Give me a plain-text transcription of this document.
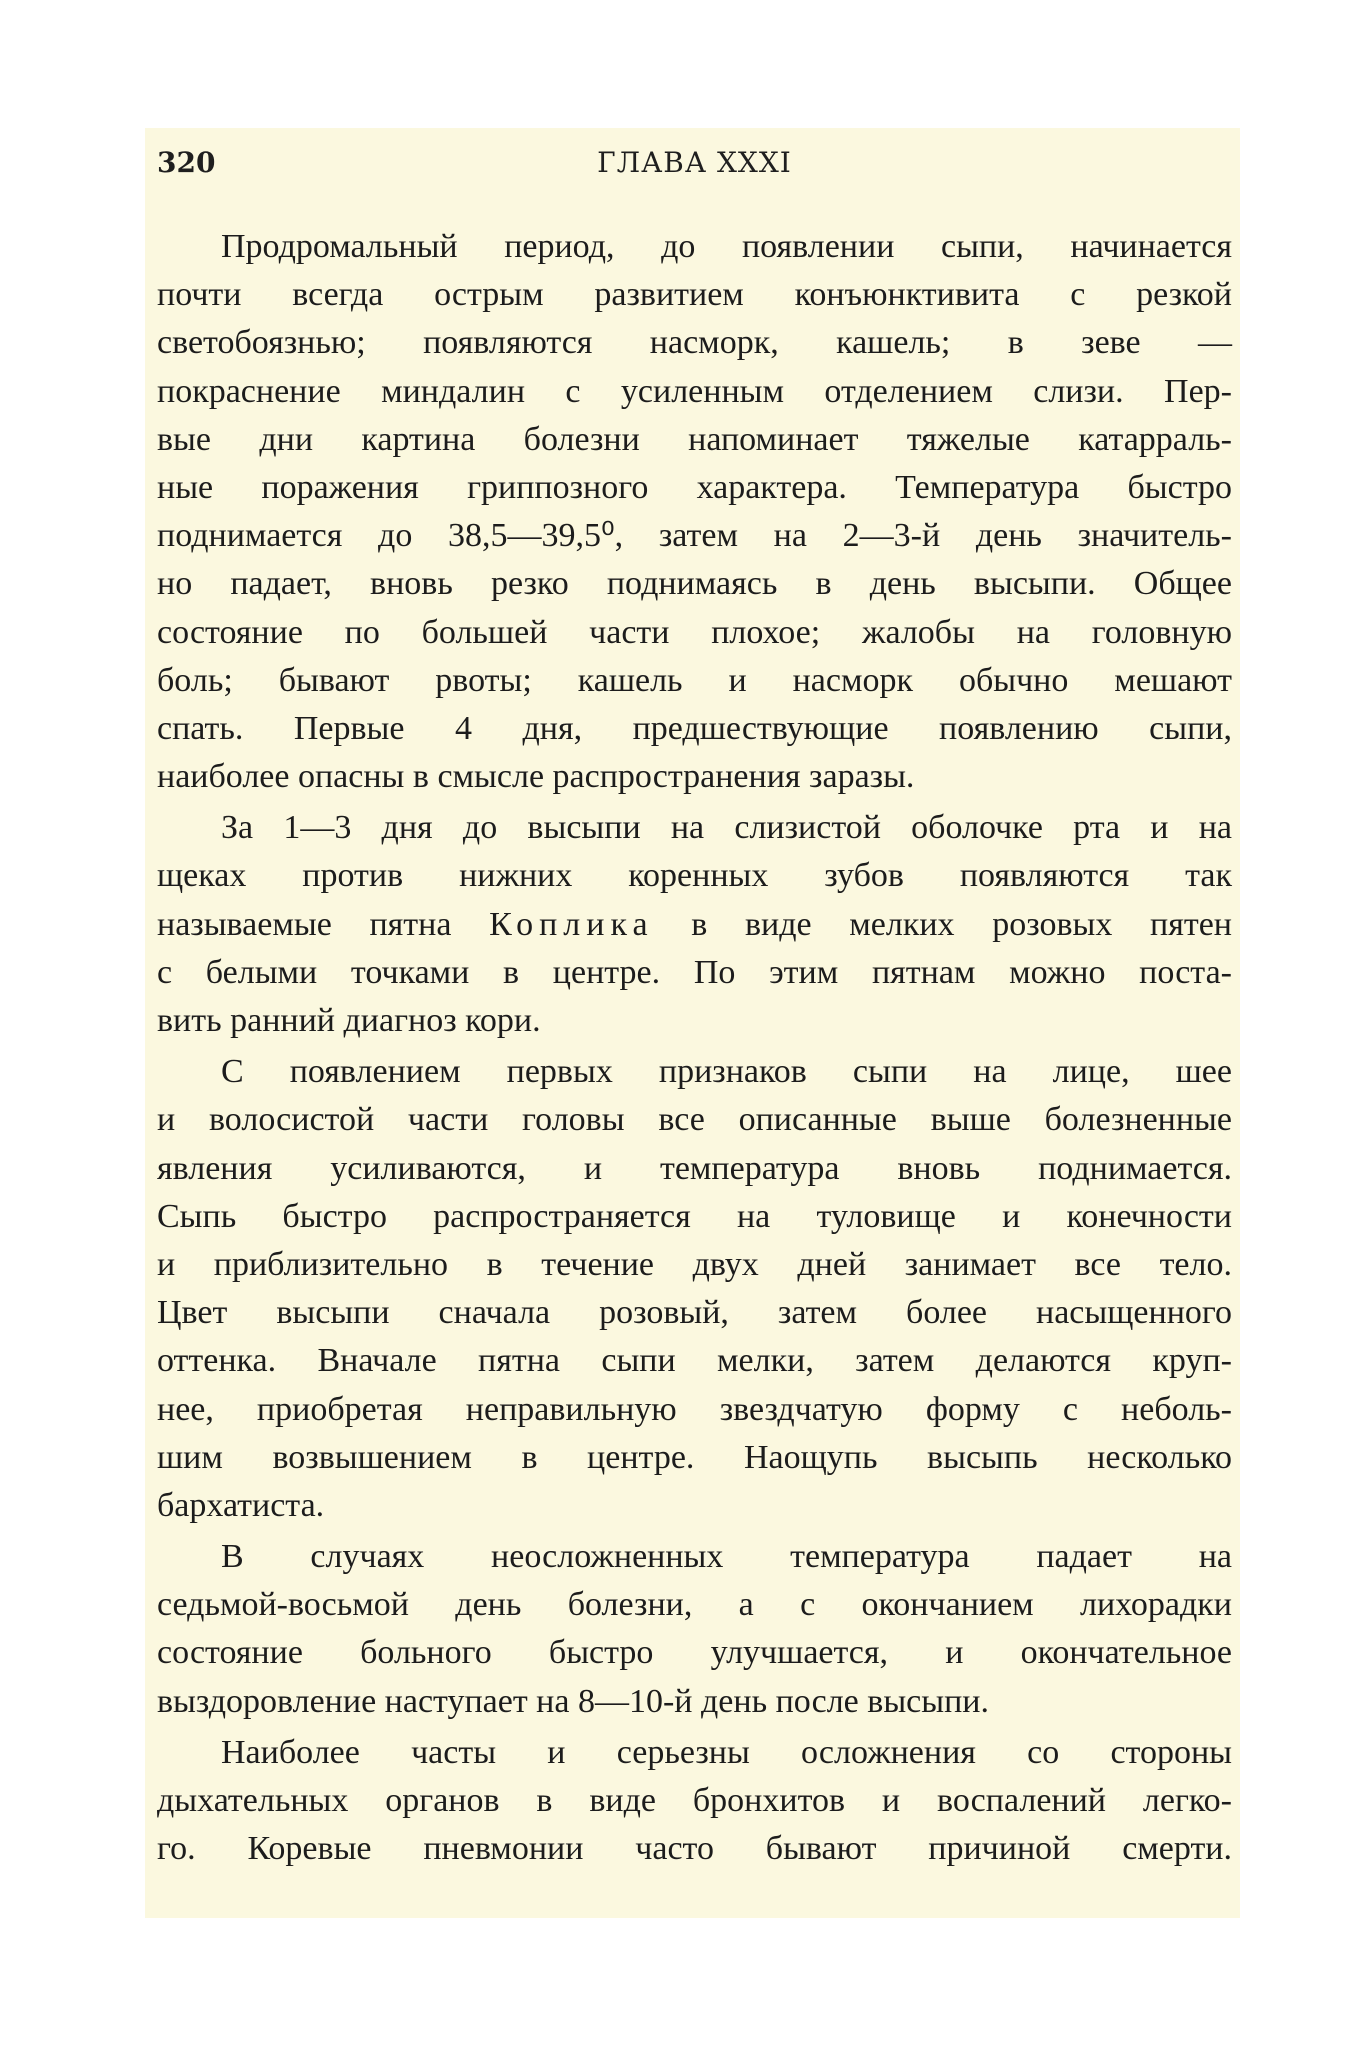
320	ГЛАВА XXXI
Продромальный период, до появлении сыпи, начинается
почти всегда острым развитием конъюнктивита с резкой
светобоязнью; появляются насморк, кашель; в зеве —
покраснение миндалин с усиленным отделением слизи. Пер-
вые дни картина болезни напоминает тяжелые катарраль-
ные поражения гриппозного характера. Температура быстро
поднимается до 38,5—39,5⁰, затем на 2—3-й день значитель-
но падает, вновь резко поднимаясь в день высыпи. Общее
состояние по большей части плохое; жалобы на головную
боль; бывают рвоты; кашель и насморк обычно мешают
спать. Первые 4 дня, предшествующие появлению сыпи,
наиболее опасны в смысле распространения заразы.
За 1—3 дня до высыпи на слизистой оболочке рта и на
щеках против нижних коренных зубов появляются так
называемые пятна Коплика в виде мелких розовых пятен
с белыми точками в центре. По этим пятнам можно поста-
вить ранний диагноз кори.
С появлением первых признаков сыпи на лице, шее
и волосистой части головы все описанные выше болезненные
явления усиливаются, и температура вновь поднимается.
Сыпь быстро распространяется на туловище и конечности
и приблизительно в течение двух дней занимает все тело.
Цвет высыпи сначала розовый, затем более насыщенного
оттенка. Вначале пятна сыпи мелки, затем делаются круп-
нее, приобретая неправильную звездчатую форму с неболь-
шим возвышением в центре. Наощупь высыпь несколько
бархатиста.
В случаях неосложненных температура падает на
седьмой-восьмой день болезни, а с окончанием лихорадки
состояние больного быстро улучшается, и окончательное
выздоровление наступает на 8—10-й день после высыпи.
Наиболее часты и серьезны осложнения со стороны
дыхательных органов в виде бронхитов и воспалений легко-
го. Коревые пневмонии часто бывают причиной смерти.
